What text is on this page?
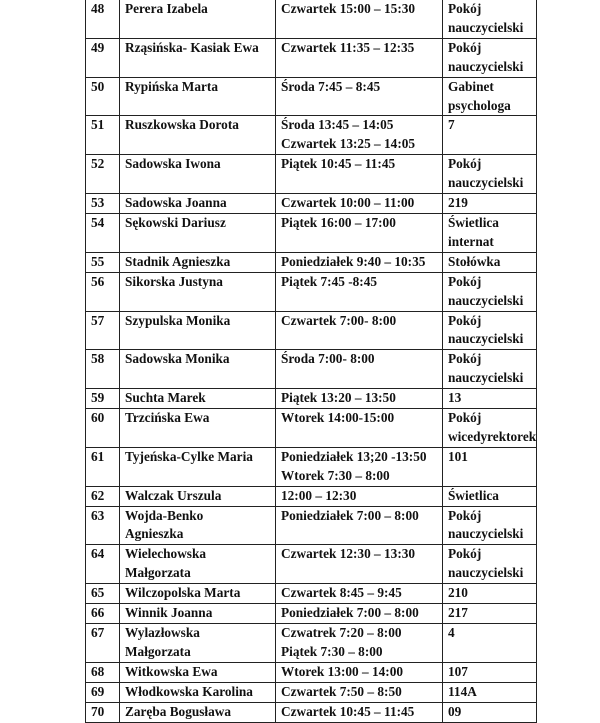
48	Perera Izabela	Czwartek 15:00 – 15:30	Pokój
nauczycielski

49	Rząsińska- Kasiak Ewa	Czwartek 11:35 – 12:35	Pokój
nauczycielski

50	Rypińska Marta	Środa 7:45 – 8:45	Gabinet
psychologa

51	Ruszkowska Dorota	Środa 13:45 – 14:05
Czwartek 13:25 – 14:05	7

52	Sadowska Iwona	Piątek 10:45 – 11:45	Pokój
nauczycielski

53	Sadowska Joanna	Czwartek 10:00 – 11:00	219

54	Sękowski Dariusz	Piątek 16:00 – 17:00	Świetlica
internat

55	Stadnik Agnieszka	Poniedziałek 9:40 – 10:35	Stołówka

56	Sikorska Justyna	Piątek 7:45 -8:45	Pokój
nauczycielski

57	Szypulska Monika	Czwartek 7:00- 8:00	Pokój
nauczycielski

58	Sadowska Monika	Środa 7:00- 8:00	Pokój
nauczycielski

59	Suchta Marek	Piątek 13:20 – 13:50	13

60	Trzcińska Ewa	Wtorek 14:00-15:00	Pokój
wicedyrektorek

61	Tyjeńska-Cylke Maria	Poniedziałek 13;20 -13:50
Wtorek 7:30 – 8:00	101

62	Walczak Urszula	12:00 – 12:30	Świetlica

63	Wojda-Benko
Agnieszka	Poniedziałek 7:00 – 8:00	Pokój
nauczycielski

64	Wielechowska
Małgorzata	Czwartek 12:30 – 13:30	Pokój
nauczycielski

65	Wilczopolska Marta	Czwartek 8:45 – 9:45	210

66	Winnik Joanna	Poniedziałek 7:00 – 8:00	217

67	Wylazłowska
Małgorzata	Czwatrek 7:20 – 8:00
Piątek 7:30 – 8:00	4

68	Witkowska Ewa	Wtorek 13:00 – 14:00	107

69	Włodkowska Karolina	Czwartek 7:50 – 8:50	114A

70	Zaręba Bogusława	Czwartek 10:45 – 11:45	09
